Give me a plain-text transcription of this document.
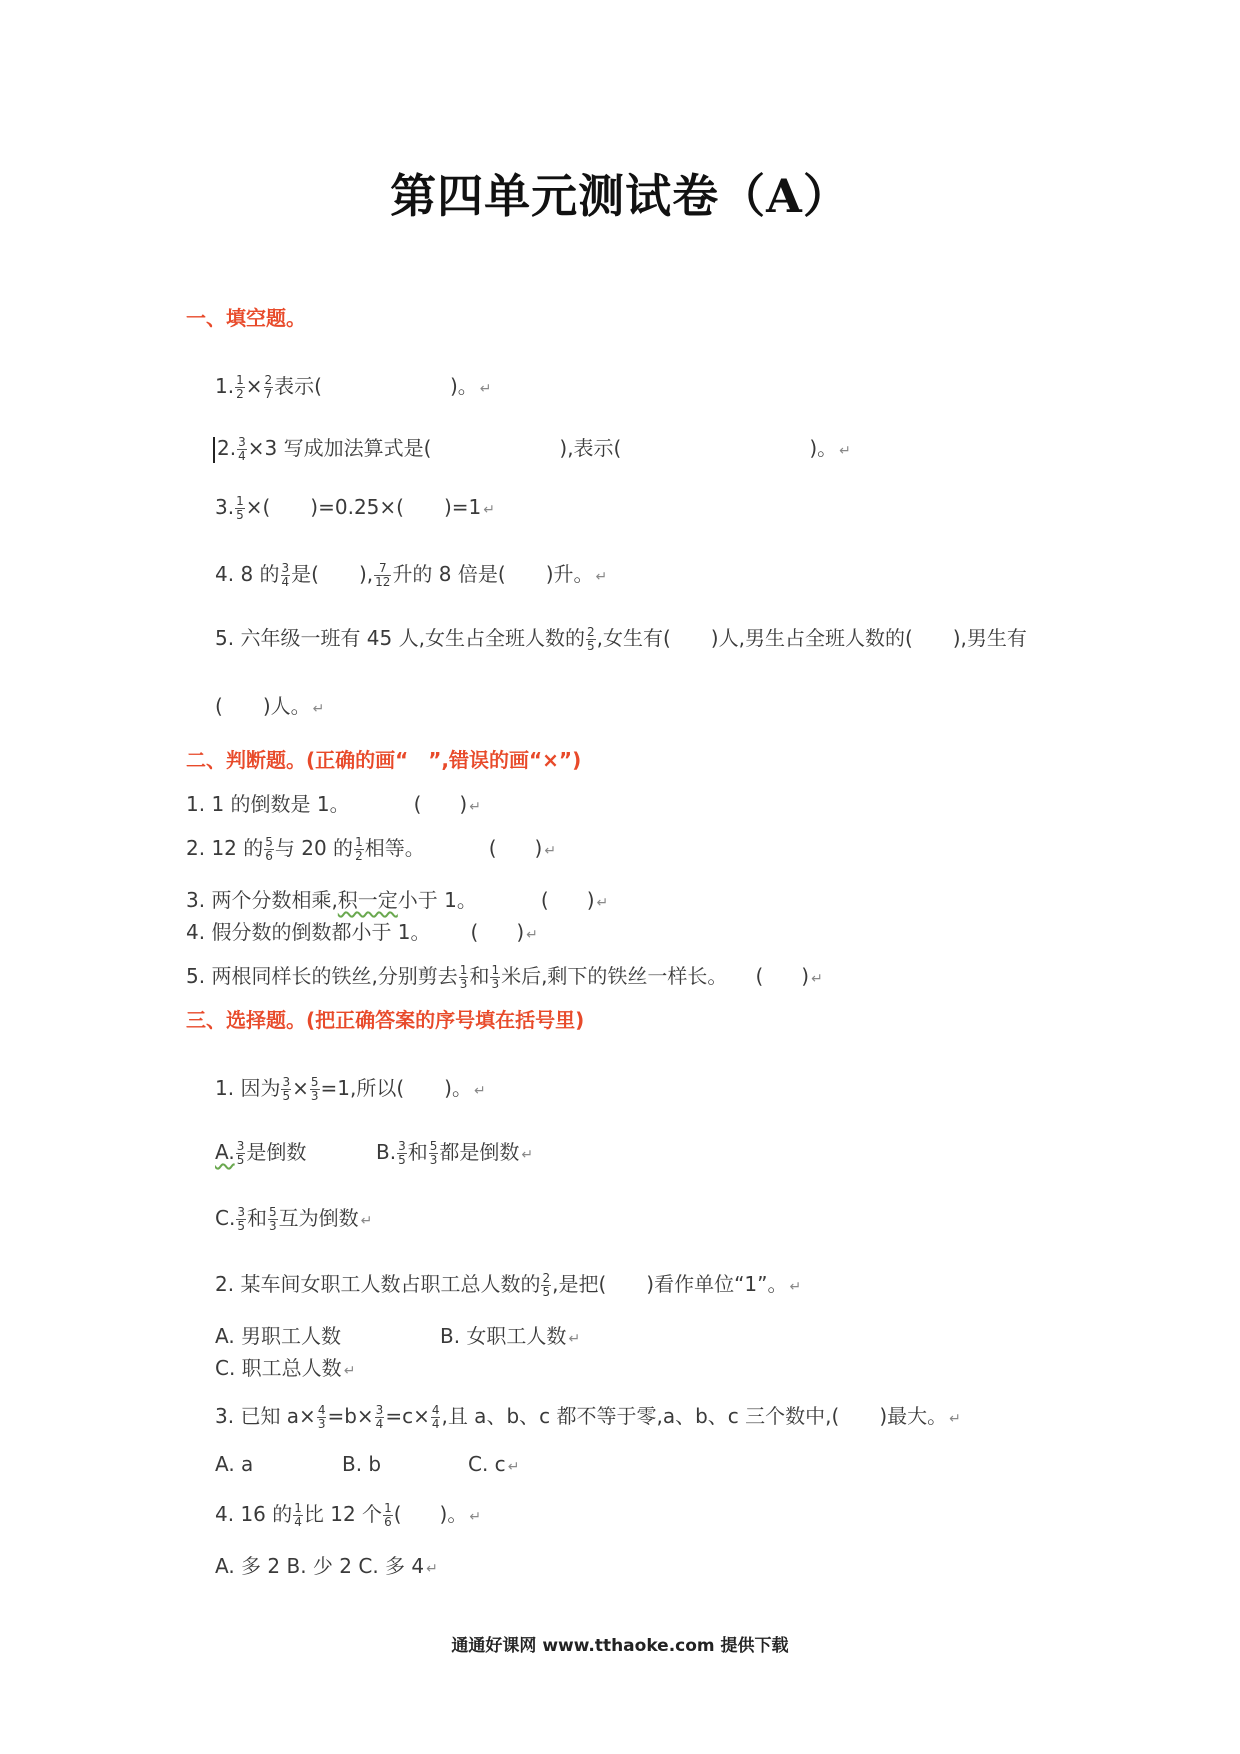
第四单元测试卷（A）
一、填空题。
1. $\frac{1}{2} \times \frac{2}{7}$ 表示(	)。 ↵
2. $\frac{3}{4} \times 3$ 写成加法算式是(	),表示(	)。 ↵
3. $\frac{1}{5}$ ×( )=0.25×( )=1 ↵
4. 8 的 $\frac{3}{4}$ 是( ), $\frac{7}{12}$ 升的 8 倍是( )升。 ↵
5. 六年级一班有 45 人,女生占全班人数的 $\frac{2}{5}$ ,女生有( )人,男生占全班人数的( ),男生有
( )人。 ↵
二、判断题。(正确的画“　”,错误的画“×”)
1. 1 的倒数是 1。	( ) ↵
2. 12 的 $\frac{5}{6}$ 与 20 的 $\frac{1}{2}$ 相等。	( ) ↵
3. 两个分数相乘,积一定小于 1。	( ) ↵
4. 假分数的倒数都小于 1。 ( ) ↵
5. 两根同样长的铁丝,分别剪去 $\frac{1}{3}$ 和 $\frac{1}{3}$ 米后,剩下的铁丝一样长。 ( ) ↵
三、选择题。(把正确答案的序号填在括号里)
1. 因为 $\frac{3}{5} \times \frac{5}{3} =1$,所以( )。 ↵
A. $\frac{3}{5}$ 是倒数	B. $\frac{3}{5}$ 和 $\frac{5}{3}$ 都是倒数 ↵
C. $\frac{3}{5}$ 和 $\frac{5}{3}$ 互为倒数 ↵
2. 某车间女职工人数占职工总人数的 $\frac{2}{5}$ ,是把( )看作单位“1”。 ↵
A. 男职工人数	B. 女职工人数 ↵
C. 职工总人数 ↵
3. 已知 $a\times \frac{4}{3} =b\times \frac{3}{4} =c\times \frac{4}{4}$ ,且 a、b、c 都不等于零,a、b、c 三个数中,( )最大。 ↵
A. a	B. b	C. c ↵
4. 16 的 $\frac{1}{4}$ 比 12 个 $\frac{1}{6}$ ( )。 ↵
A. 多 2 B. 少 2 C. 多 4 ↵
通通好课网 www.tthaoke.com 提供下载
